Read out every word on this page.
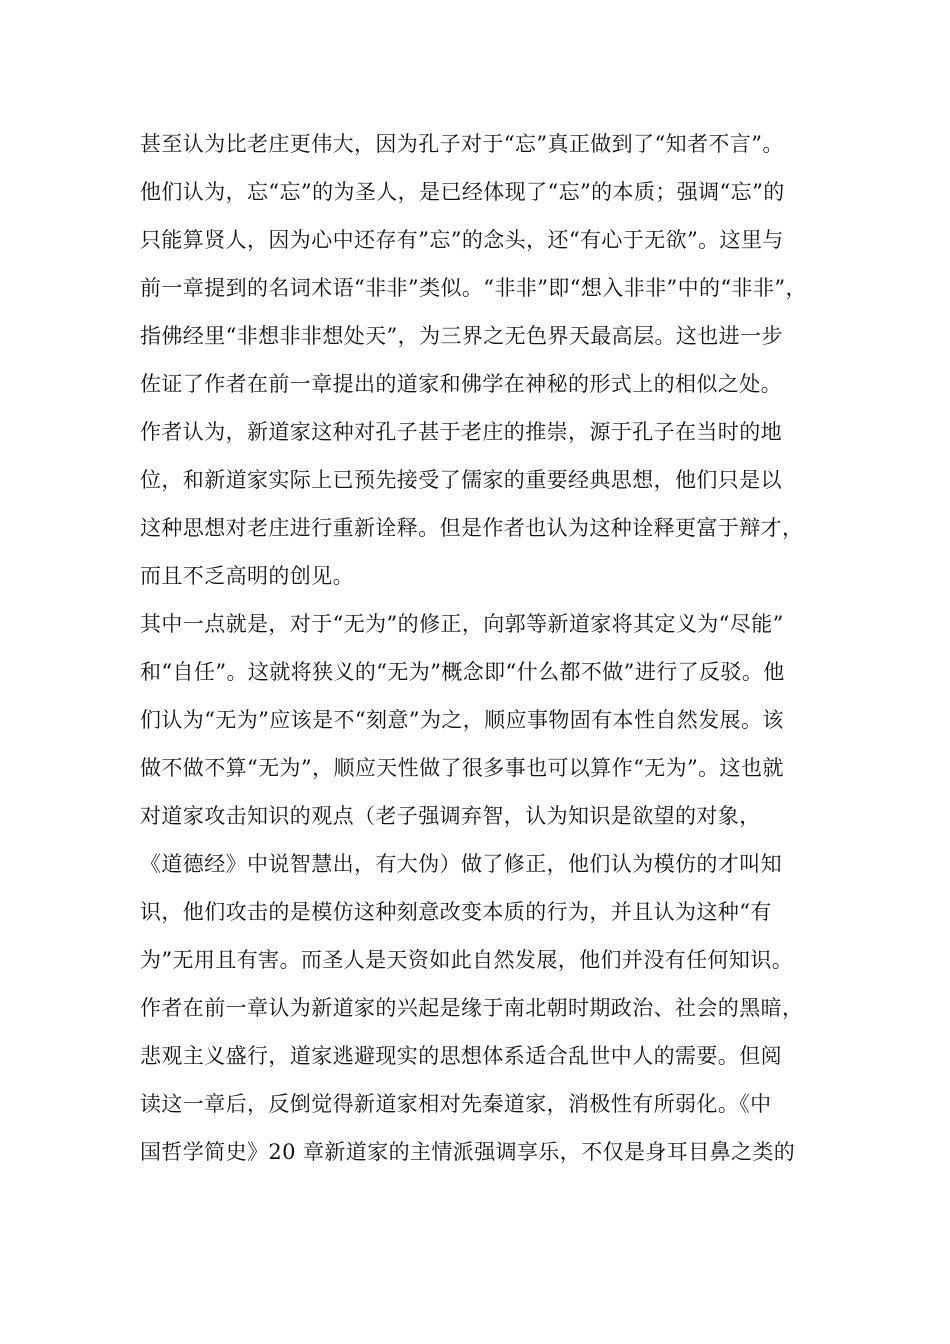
甚至认为比老庄更伟大，因为孔子对于“忘”真正做到了“知者不言”。
他们认为，忘“忘”的为圣人，是已经体现了“忘”的本质；强调“忘”的
只能算贤人，因为心中还存有”忘”的念头，还“有心于无欲”。这里与
前一章提到的名词术语“非非”类似。“非非”即“想入非非”中的“非非”，
指佛经里“非想非非想处天”，为三界之无色界天最高层。这也进一步
佐证了作者在前一章提出的道家和佛学在神秘的形式上的相似之处。
作者认为，新道家这种对孔子甚于老庄的推崇，源于孔子在当时的地
位，和新道家实际上已预先接受了儒家的重要经典思想，他们只是以
这种思想对老庄进行重新诠释。但是作者也认为这种诠释更富于辩才，
而且不乏高明的创见。
其中一点就是，对于“无为”的修正，向郭等新道家将其定义为“尽能”
和“自任”。这就将狭义的“无为”概念即“什么都不做”进行了反驳。他
们认为“无为”应该是不“刻意”为之，顺应事物固有本性自然发展。该
做不做不算“无为”，顺应天性做了很多事也可以算作“无为”。这也就
对道家攻击知识的观点（老子强调弃智，认为知识是欲望的对象，
《道德经》中说智慧出，有大伪）做了修正，他们认为模仿的才叫知
识，他们攻击的是模仿这种刻意改变本质的行为，并且认为这种“有
为”无用且有害。而圣人是天资如此自然发展，他们并没有任何知识。
作者在前一章认为新道家的兴起是缘于南北朝时期政治、社会的黑暗，
悲观主义盛行，道家逃避现实的思想体系适合乱世中人的需要。但阅
读这一章后，反倒觉得新道家相对先秦道家，消极性有所弱化。《中
国哲学简史》20 章新道家的主情派强调享乐，不仅是身耳目鼻之类的
